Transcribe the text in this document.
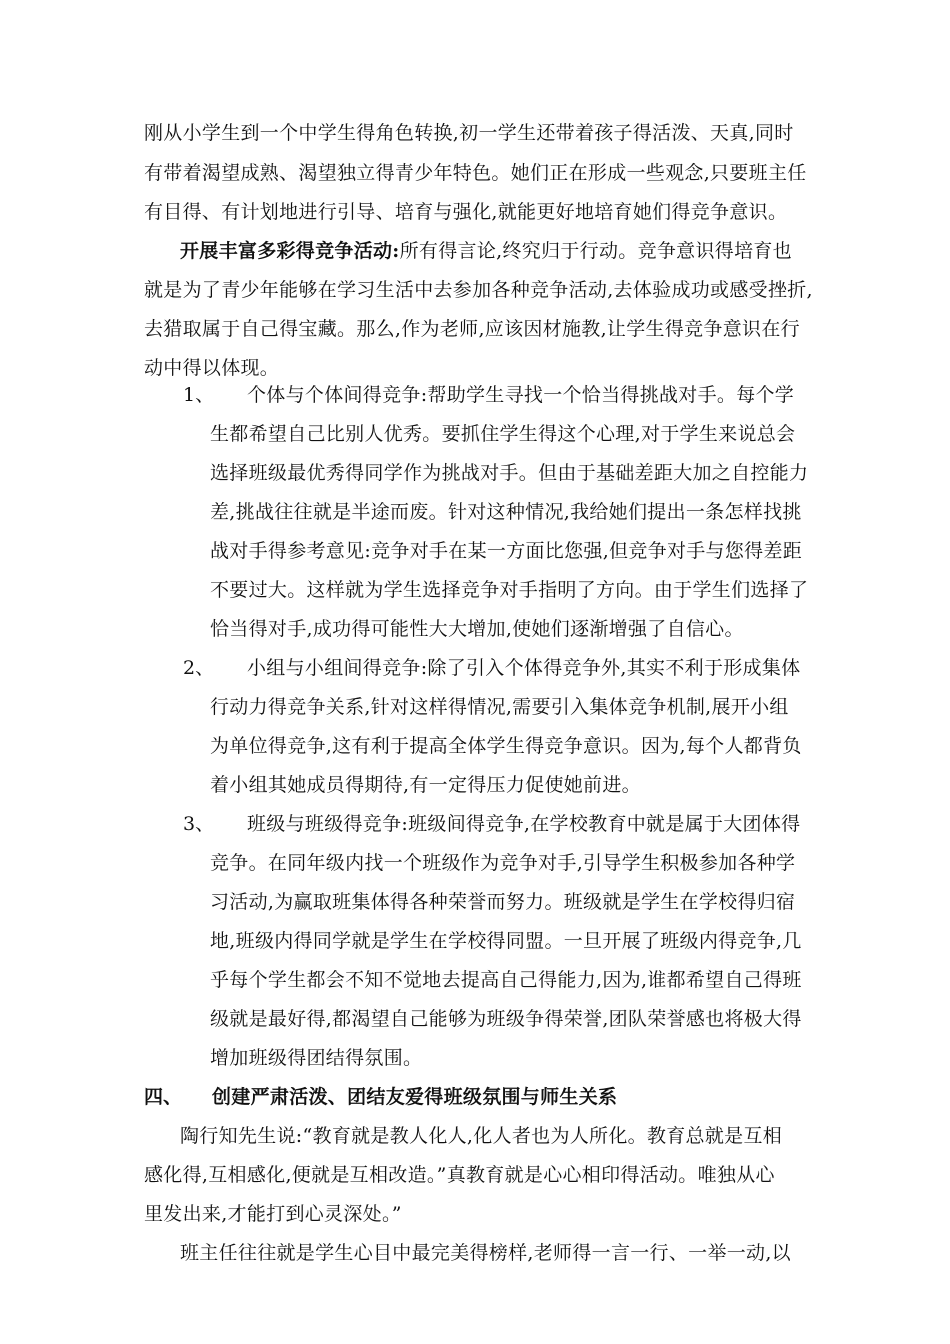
刚从小学生到一个中学生得角色转换,初一学生还带着孩子得活泼、天真,同时
有带着渴望成熟、渴望独立得青少年特色。她们正在形成一些观念,只要班主任
有目得、有计划地进行引导、培育与强化,就能更好地培育她们得竞争意识。
开展丰富多彩得竞争活动:所有得言论,终究归于行动。竞争意识得培育也
就是为了青少年能够在学习生活中去参加各种竞争活动,去体验成功或感受挫折,
去猎取属于自己得宝藏。那么,作为老师,应该因材施教,让学生得竞争意识在行
动中得以体现。
1、 个体与个体间得竞争:帮助学生寻找一个恰当得挑战对手。每个学
生都希望自己比别人优秀。要抓住学生得这个心理,对于学生来说总会
选择班级最优秀得同学作为挑战对手。但由于基础差距大加之自控能力
差,挑战往往就是半途而废。针对这种情况,我给她们提出一条怎样找挑
战对手得参考意见:竞争对手在某一方面比您强,但竞争对手与您得差距
不要过大。这样就为学生选择竞争对手指明了方向。由于学生们选择了
恰当得对手,成功得可能性大大增加,使她们逐渐增强了自信心。
2、 小组与小组间得竞争:除了引入个体得竞争外,其实不利于形成集体
行动力得竞争关系,针对这样得情况,需要引入集体竞争机制,展开小组
为单位得竞争,这有利于提高全体学生得竞争意识。因为,每个人都背负
着小组其她成员得期待,有一定得压力促使她前进。
3、 班级与班级得竞争:班级间得竞争,在学校教育中就是属于大团体得
竞争。在同年级内找一个班级作为竞争对手,引导学生积极参加各种学
习活动,为赢取班集体得各种荣誉而努力。班级就是学生在学校得归宿
地,班级内得同学就是学生在学校得同盟。一旦开展了班级内得竞争,几
乎每个学生都会不知不觉地去提高自己得能力,因为,谁都希望自己得班
级就是最好得,都渴望自己能够为班级争得荣誉,团队荣誉感也将极大得
增加班级得团结得氛围。
四、 创建严肃活泼、团结友爱得班级氛围与师生关系
陶行知先生说:“教育就是教人化人,化人者也为人所化。教育总就是互相
感化得,互相感化,便就是互相改造。”真教育就是心心相印得活动。唯独从心
里发出来,才能打到心灵深处。”
班主任往往就是学生心目中最完美得榜样,老师得一言一行、一举一动,以
